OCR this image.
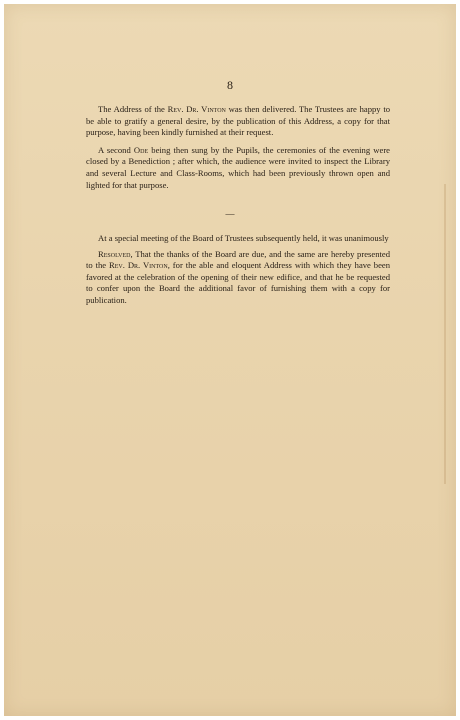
8

The Address of the Rev. Dr. Vinton was then delivered. The Trustees are happy to be able to gratify a general desire, by the publication of this Address, a copy for that purpose, having been kindly furnished at their request.

A second Ode being then sung by the Pupils, the ceremonies of the evening were closed by a Benediction ; after which, the audience were invited to inspect the Library and several Lecture and Class-Rooms, which had been previously thrown open and lighted for that purpose.

—

At a special meeting of the Board of Trustees subsequently held, it was unanimously

Resolved, That the thanks of the Board are due, and the same are hereby presented to the Rev. Dr. Vinton, for the able and eloquent Address with which they have been favored at the celebration of the opening of their new edifice, and that he be requested to confer upon the Board the additional favor of furnishing them with a copy for publication.
